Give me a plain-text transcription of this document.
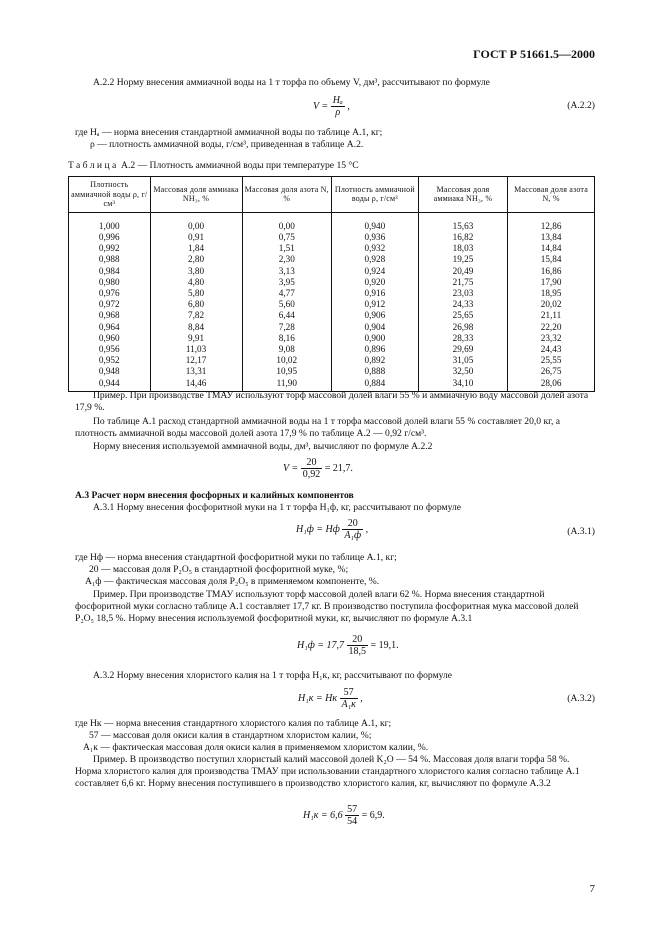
ГОСТ Р 51661.5—2000
А.2.2 Норму внесения аммиачной воды на 1 т торфа по объему V, дм³, рассчитывают по формуле
$V = \frac{\text{Hₐ}}{\rho}$ ,	(А.2.2)
где Hₐ — норма внесения стандартной аммиачной воды по таблице А.1, кг;
ρ — плотность аммиачной воды, г/см³, приведенная в таблице А.2.
Таблица А.2 — Плотность аммиачной воды при температуре 15 °С
Плотность аммиачной воды ρ, г/см³	Массовая доля аммиака NH₃, %	Массовая доля азота N, %	Плотность аммиачной воды ρ, г/см³	Массовая доля аммиака NH₃, %	Массовая доля азота N, %
1,000	0,00	0,00	0,940	15,63	12,86
0,996	0,91	0,75	0,936	16,82	13,84
0,992	1,84	1,51	0,932	18,03	14,84
0,988	2,80	2,30	0,928	19,25	15,84
0,984	3,80	3,13	0,924	20,49	16,86
0,980	4,80	3,95	0,920	21,75	17,90
0,976	5,80	4,77	0,916	23,03	18,95
0,972	6,80	5,60	0,912	24,33	20,02
0,968	7,82	6,44	0,906	25,65	21,11
0,964	8,84	7,28	0,904	26,98	22,20
0,960	9,91	8,16	0,900	28,33	23,32
0,956	11,03	9,08	0,896	29,69	24,43
0,952	12,17	10,02	0,892	31,05	25,55
0,948	13,31	10,95	0,888	32,50	26,75
0,944	14,46	11,90	0,884	34,10	28,06
Пример. При производстве ТМАУ используют торф массовой долей влаги 55 % и аммиачную воду массовой долей азота 17,9 %.
По таблице А.1 расход стандартной аммиачной воды на 1 т торфа массовой долей влаги 55 % составляет 20,0 кг, а плотность аммиачной воды массовой долей азота 17,9 % по таблице А.2 — 0,92 г/см³.
Норму внесения используемой аммиачной воды, дм³, вычисляют по формуле А.2.2
$V = \frac{20}{0,92} = 21,7$.
А.3 Расчет норм внесения фосфорных и калийных компонентов
А.3.1 Норму внесения фосфоритной муки на 1 т торфа H₁ф, кг, рассчитывают по формуле
H₁ф = Hф $\frac{20}{\text{A₁ф}}$ ,	(А.3.1)
где Hф — норма внесения стандартной фосфоритной муки по таблице А.1, кг;
20 — массовая доля P₂O₅ в стандартной фосфоритной муке, %;
A₁ф — фактическая массовая доля P₂O₅ в применяемом компоненте, %.
Пример. При производстве ТМАУ используют торф массовой долей влаги 62 %. Норма внесения стандартной фосфоритной муки согласно таблице А.1 составляет 17,7 кг. В производство поступила фосфоритная мука массовой долей P₂O₅ 18,5 %. Норму внесения используемой фосфоритной муки, кг, вычисляют по формуле А.3.1
$H_1ф = 17,7 \frac{20}{18,5} = 19,1$.
А.3.2 Норму внесения хлористого калия на 1 т торфа H₁к, кг, рассчитывают по формуле
H₁к = Hк $\frac{57}{\text{A₁к}}$ ,	(А.3.2)
где Hк — норма внесения стандартного хлористого калия по таблице А.1, кг;
57 — массовая доля окиси калия в стандартном хлористом калии, %;
A₁к — фактическая массовая доля окиси калия в применяемом хлористом калии, %.
Пример. В производство поступил хлористый калий массовой долей K₂O — 54 %. Массовая доля влаги торфа 58 %. Норма хлористого калия для производства ТМАУ при использовании стандартного хлористого калия согласно таблице А.1 составляет 6,6 кг. Норму внесения поступившего в производство хлористого калия, кг, вычисляют по формуле А.3.2
$H_1к = 6,6 \frac{57}{54} = 6,9$.
7
